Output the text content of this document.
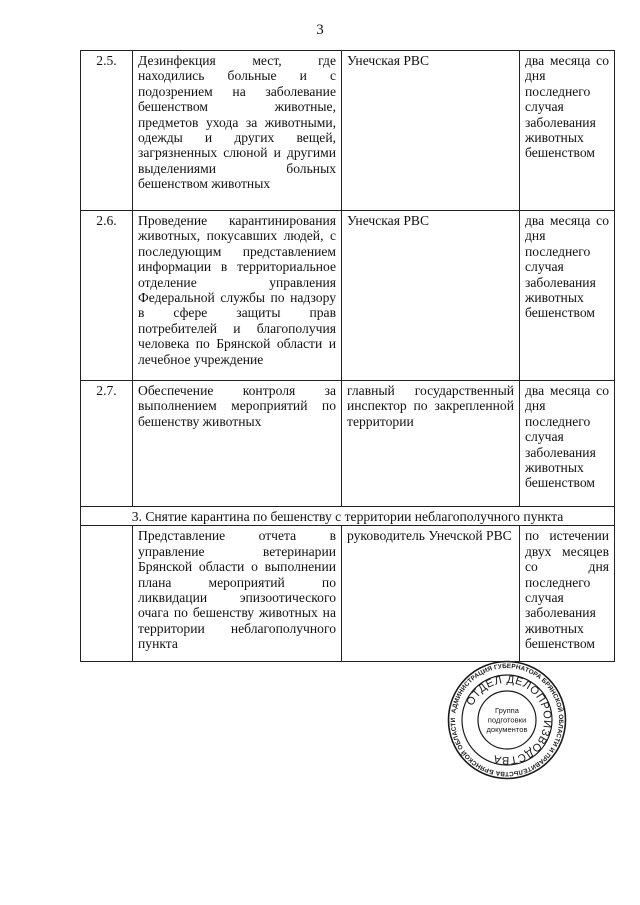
3
2.5.	Дезинфекция мест, где находились больные и с подозрением на заболевание бешенством животные, предметов ухода за животными, одежды и других вещей, загрязненных слюной и другими выделениями больных бешенством животных	Унечская РВС	два месяца со дня последнего случая заболевания животных бешенством
2.6.	Проведение карантинирования животных, покусавших людей, с последующим представлением информации в территориальное отделение управления Федеральной службы по надзору в сфере защиты прав потребителей и благополучия человека по Брянской области и лечебное учреждение	Унечская РВС	два месяца со дня последнего случая заболевания животных бешенством
2.7.	Обеспечение контроля за выполнением мероприятий по бешенству животных	главный государственный инспектор по закрепленной территории	два месяца со дня последнего случая заболевания животных бешенством
3. Снятие карантина по бешенству с территории неблагополучного пункта			
	Представление отчета в управление ветеринарии Брянской области о выполнении плана мероприятий по ликвидации эпизоотического очага по бешенству животных на территории неблагополучного пункта	руководитель Унечской РВС	по истечении двух месяцев со дня последнего случая заболевания животных бешенством
АДМИНИСТРАЦИЯ ГУБЕРНАТОРА БРЯНСКОЙ ОБЛАСТИ И ПРАВИТЕЛЬСТВА БРЯНСКОЙ ОБЛАСТИ
ОТДЕЛ ДЕЛОПРОИЗВОДСТВА
Группа
подготовки
документов
